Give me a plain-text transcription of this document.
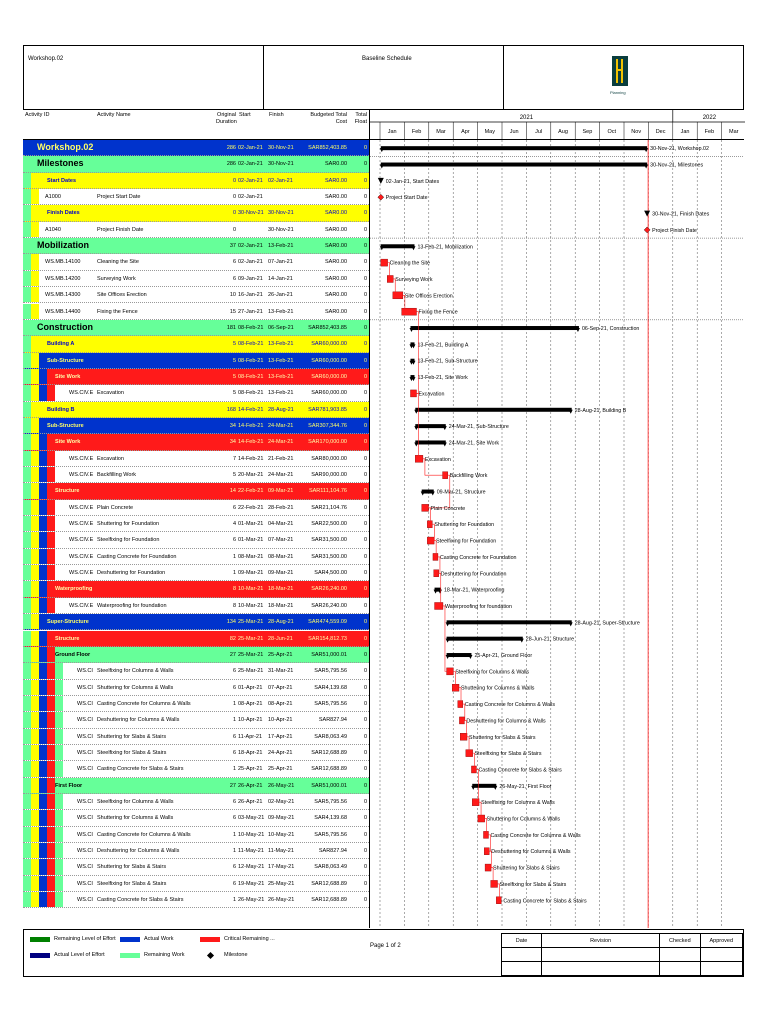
Workshop.02	Baseline Schedule
Planning
Activity ID	Activity Name	Original Duration
Start	Finish	Budgeted Total Cost
Total Float
2021	2022
Jan	Feb	Mar	Apr	May	Jun	Jul	Aug	Sep	Oct	Nov	Dec	Jan	Feb	Mar
Workshop.02	286 02-Jan-21 30-Nov-21	SAR852,403.85	0
Milestones	286 02-Jan-21 30-Nov-21	SAR0.00	0
Start Dates	0 02-Jan-21 02-Jan-21	SAR0.00	0
A1000	Project Start Date	0 02-Jan-21	SAR0.00	0
Finish Dates	0 30-Nov-21 30-Nov-21	SAR0.00	0
A1040	Project Finish Date	0	30-Nov-21	SAR0.00	0
Mobilization	37 02-Jan-21 13-Feb-21	SAR0.00	0
WS.MB.14100	Cleaning the Site	6 02-Jan-21 07-Jan-21	SAR0.00	0
WS.MB.14200	Surveying Work	6 09-Jan-21 14-Jan-21	SAR0.00	0
WS.MB.14300	Site Offices Erection	10 16-Jan-21 26-Jan-21	SAR0.00	0
WS.MB.14400	Fixing the Fence	15 27-Jan-21 13-Feb-21	SAR0.00	0
Construction	181 08-Feb-21 06-Sep-21	SAR852,403.85	0
Building A	5 08-Feb-21 13-Feb-21	SAR60,000.00	0
Sub-Structure	5 08-Feb-21 13-Feb-21	SAR60,000.00	0
Site Work	5 08-Feb-21 13-Feb-21	SAR60,000.00	0
WS.CIV.E Excavation	5 08-Feb-21 13-Feb-21	SAR60,000.00	0
Building B	168 14-Feb-21 28-Aug-21	SAR781,903.85	0
Sub-Structure	34 14-Feb-21 24-Mar-21	SAR307,344.76	0
Site Work	34 14-Feb-21 24-Mar-21	SAR170,000.00	0
WS.CIV.E Excavation	7 14-Feb-21 21-Feb-21	SAR80,000.00	0
WS.CIV.E Backfilling Work	5 20-Mar-21 24-Mar-21	SAR90,000.00	0
Structure	14 22-Feb-21 09-Mar-21	SAR111,104.76	0
WS.CIV.E Plain Concrete	6 22-Feb-21 28-Feb-21	SAR21,104.76	0
WS.CIV.E Shuttering for Foundation	4 01-Mar-21 04-Mar-21	SAR22,500.00	0
WS.CIV.E Steelfixing for Foundation	6 01-Mar-21 07-Mar-21	SAR31,500.00	0
WS.CIV.E Casting Concrete for Foundation	1 08-Mar-21 08-Mar-21	SAR31,500.00	0
WS.CIV.E Deshuttering for Foundation	1 09-Mar-21 09-Mar-21	SAR4,500.00	0
Waterproofing	8 10-Mar-21 18-Mar-21	SAR26,240.00	0
WS.CIV.E Waterproofing for foundation	8 10-Mar-21 18-Mar-21	SAR26,240.00	0
Super-Structure	134 25-Mar-21 28-Aug-21	SAR474,559.09	0
Structure	82 25-Mar-21 28-Jun-21	SAR154,812.73	0
Ground Floor	27 25-Mar-21 25-Apr-21	SAR51,000.01	0
WS.CI Steelfixing for Columns & Walls	6 25-Mar-21 31-Mar-21	SAR5,795.56	0
WS.CI Shuttering for Columns & Walls	6 01-Apr-21 07-Apr-21	SAR4,139.68	0
WS.CI Casting Concrete for Columns & Walls	1 08-Apr-21 08-Apr-21	SAR5,795.56	0
WS.CI Deshuttering for Columns & Walls	1 10-Apr-21 10-Apr-21	SAR827.94	0
WS.CI Shuttering for Slabs & Stairs	6 11-Apr-21 17-Apr-21	SAR8,063.49	0
WS.CI Steelfixing for Slabs & Stairs	6 18-Apr-21 24-Apr-21	SAR12,688.89	0
WS.CI Casting Concrete for Slabs & Stairs	1 25-Apr-21 25-Apr-21	SAR12,688.89	0
First Floor	27 26-Apr-21 26-May-21	SAR51,000.01	0
WS.CI Steelfixing for Columns & Walls	6 26-Apr-21 02-May-21	SAR5,795.56	0
WS.CI Shuttering for Columns & Walls	6 03-May-21 09-May-21	SAR4,139.68	0
WS.CI Casting Concrete for Columns & Walls	1 10-May-21 10-May-21	SAR5,795.56	0
WS.CI Deshuttering for Columns & Walls	1 11-May-21 11-May-21	SAR827.94	0
WS.CI Shuttering for Slabs & Stairs	6 12-May-21 17-May-21	SAR8,063.49	0
WS.CI Steelfixing for Slabs & Stairs	6 19-May-21 25-May-21	SAR12,688.89	0
WS.CI Casting Concrete for Slabs & Stairs	1 26-May-21 26-May-21	SAR12,688.89	0
30-Nov-21, Workshop.02
30-Nov-21, Milestones
02-Jan-21, Start Dates
Project Start Date
30-Nov-21, Finish Dates
Project Finish Date
13-Feb-21, Mobilization
Cleaning the Site
Surveying Work
Site Offices Erection
Fixing the Fence
06-Sep-21, Construction
13-Feb-21, Building A
13-Feb-21, Sub-Structure
13-Feb-21, Site Work
Excavation
28-Aug-21, Building B
24-Mar-21, Sub-Structure
24-Mar-21, Site Work
Excavation
Backfilling Work
09-Mar-21, Structure
Plain Concrete
Shuttering for Foundation
Steelfixing for Foundation
Casting Concrete for Foundation
Deshuttering for Foundation
18-Mar-21, Waterproofing
Waterproofing for foundation
28-Aug-21, Super-Structure
28-Jun-21, Structure
25-Apr-21, Ground Floor
Steelfixing for Columns & Walls
Shuttering for Columns & Walls
Casting Concrete for Columns & Walls
Deshuttering for Columns & Walls
Shuttering for Slabs & Stairs
Steelfixing for Slabs & Stairs
Casting Concrete for Slabs & Stairs
26-May-21, First Floor
Steelfixing for Columns & Walls
Shuttering for Columns & Walls
Casting Concrete for Columns & Walls
Deshuttering for Columns & Walls
Shuttering for Slabs & Stairs
Steelfixing for Slabs & Stairs
Casting Concrete for Slabs & Stairs
Remaining Level of Effort	Actual Work	Critical Remaining ...
Actual Level of Effort	Remaining Work	Milestone
Page 1 of 2
Date	Revision	Checked	Approved
